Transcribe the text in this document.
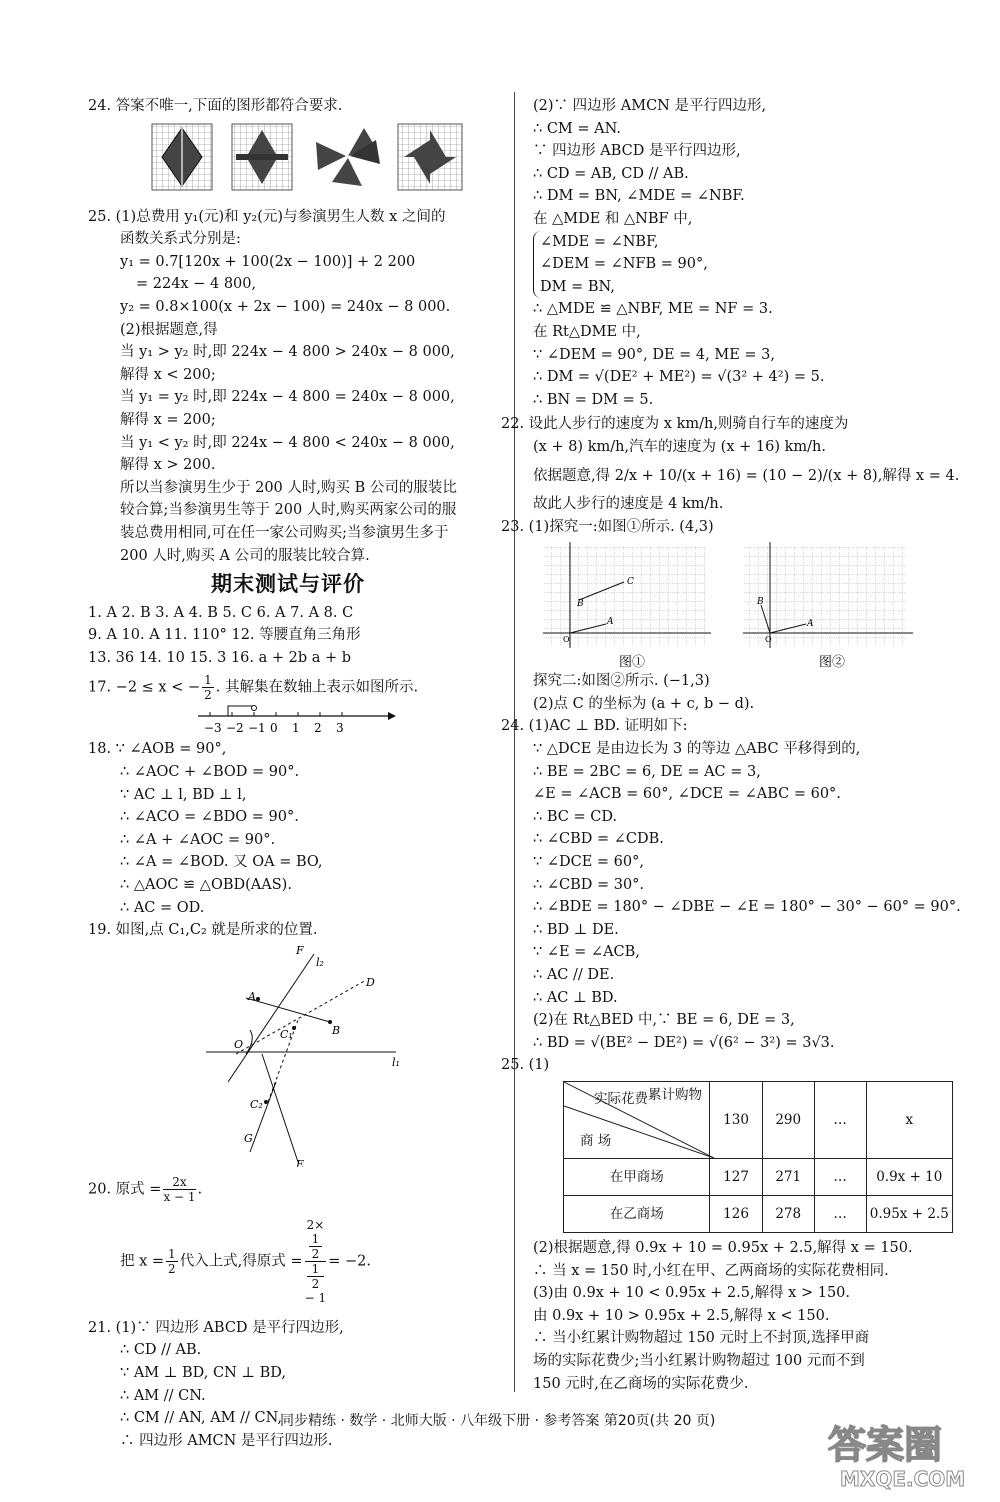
24. 答案不唯一,下面的图形都符合要求.
25. (1)总费用 y₁(元)和 y₂(元)与参演男生人数 x 之间的
函数关系式分别是:
y₁ = 0.7[120x + 100(2x − 100)] + 2 200
= 224x − 4 800,
y₂ = 0.8×100(x + 2x − 100) = 240x − 8 000.
(2)根据题意,得
当 y₁ > y₂ 时,即 224x − 4 800 > 240x − 8 000,
解得 x < 200;
当 y₁ = y₂ 时,即 224x − 4 800 = 240x − 8 000,
解得 x = 200;
当 y₁ < y₂ 时,即 224x − 4 800 < 240x − 8 000,
解得 x > 200.
所以当参演男生少于 200 人时,购买 B 公司的服装比
较合算;当参演男生等于 200 人时,购买两家公司的服
装总费用相同,可在任一家公司购买;当参演男生多于
200 人时,购买 A 公司的服装比较合算.
期末测试与评价
1. A 2. B 3. A 4. B 5. C 6. A 7. A 8. C
9. A 10. A 11. 110° 12. 等腰直角三角形
13. 36 14. 10 15. 3 16. a + 2b a + b
17. −2 ≤ x < − $\frac{1}{2}$ . 其解集在数轴上表示如图所示.
−3 −2 −1 0 1 2 3
18. ∵ ∠AOB = 90°,
∴ ∠AOC + ∠BOD = 90°.
∵ AC ⊥ l, BD ⊥ l,
∴ ∠ACO = ∠BDO = 90°.
∴ ∠A + ∠AOC = 90°.
∴ ∠A = ∠BOD. 又 OA = BO,
∴ △AOC ≌ △OBD(AAS).
∴ AC = OD.
19. 如图,点 C₁,C₂ 就是所求的位置.
F
l₂
A
D
C₁	B
O
l₁
C₂
G
E
20. 原式 = $\frac{2x}{x - 1}$ .
把 $x = \frac{1}{2}$ 代入上式,得原式 = 2×
1
2
1
2
− 1 = −2.
21. (1)∵ 四边形 ABCD 是平行四边形,
∴ CD // AB.
∵ AM ⊥ BD, CN ⊥ BD,
∴ AM // CN.
∴ CM // AN, AM // CN,
∴ 四边形 AMCN 是平行四边形.
(2)∵ 四边形 AMCN 是平行四边形,
∴ CM = AN.
∵ 四边形 ABCD 是平行四边形,
∴ CD = AB, CD // AB.
∴ DM = BN, ∠MDE = ∠NBF.
在 △MDE 和 △NBF 中,
∠MDE = ∠NBF,
∠DEM = ∠NFB = 90°,
DM = BN,
∴ △MDE ≌ △NBF, ME = NF = 3.
在 Rt△DME 中,
∵ ∠DEM = 90°, DE = 4, ME = 3,
∴ DM = √(DE² + ME²) = √(3² + 4²) = 5.
∴ BN = DM = 5.
22. 设此人步行的速度为 x km/h,则骑自行车的速度为
(x + 8) km/h,汽车的速度为 (x + 16) km/h.
依据题意,得 2/x + 10/(x + 16) = (10 − 2)/(x + 8),解得 x = 4.
故此人步行的速度是 4 km/h.
23. (1)探究一:如图①所示. (4,3)
B
C
A
O
图①
B
A
O
图②
探究二:如图②所示. (−1,3)
(2)点 C 的坐标为 (a + c, b − d).
24. (1)AC ⊥ BD. 证明如下:
∵ △DCE 是由边长为 3 的等边 △ABC 平移得到的,
∴ BE = 2BC = 6, DE = AC = 3,
∠E = ∠ACB = 60°, ∠DCE = ∠ABC = 60°.
∴ BC = CD.
∴ ∠CBD = ∠CDB.
∵ ∠DCE = 60°,
∴ ∠CBD = 30°.
∴ ∠BDE = 180° − ∠DBE − ∠E = 180° − 30° − 60° = 90°.
∴ BD ⊥ DE.
∵ ∠E = ∠ACB,
∴ AC // DE.
∴ AC ⊥ BD.
(2)在 Rt△BED 中,∵ BE = 6, DE = 3,
∴ BD = √(BE² − DE²) = √(6² − 3²) = 3√3.
25. (1)
实际花费 累计购物
商 场	130	290	…	x
在甲商场	127	271	…	0.9x + 10
在乙商场	126	278	…	0.95x + 2.5
(2)根据题意,得 0.9x + 10 = 0.95x + 2.5,解得 x = 150.
∴ 当 x = 150 时,小红在甲、乙两商场的实际花费相同.
(3)由 0.9x + 10 < 0.95x + 2.5,解得 x > 150.
由 0.9x + 10 > 0.95x + 2.5,解得 x < 150.
∴ 当小红累计购物超过 150 元时上不封顶,选择甲商
场的实际花费少;当小红累计购物超过 100 元而不到
150 元时,在乙商场的实际花费少.
同步精练 · 数学 · 北师大版 · 八年级下册 · 参考答案 第20页(共 20 页)
答案圈
MXQE.COM
